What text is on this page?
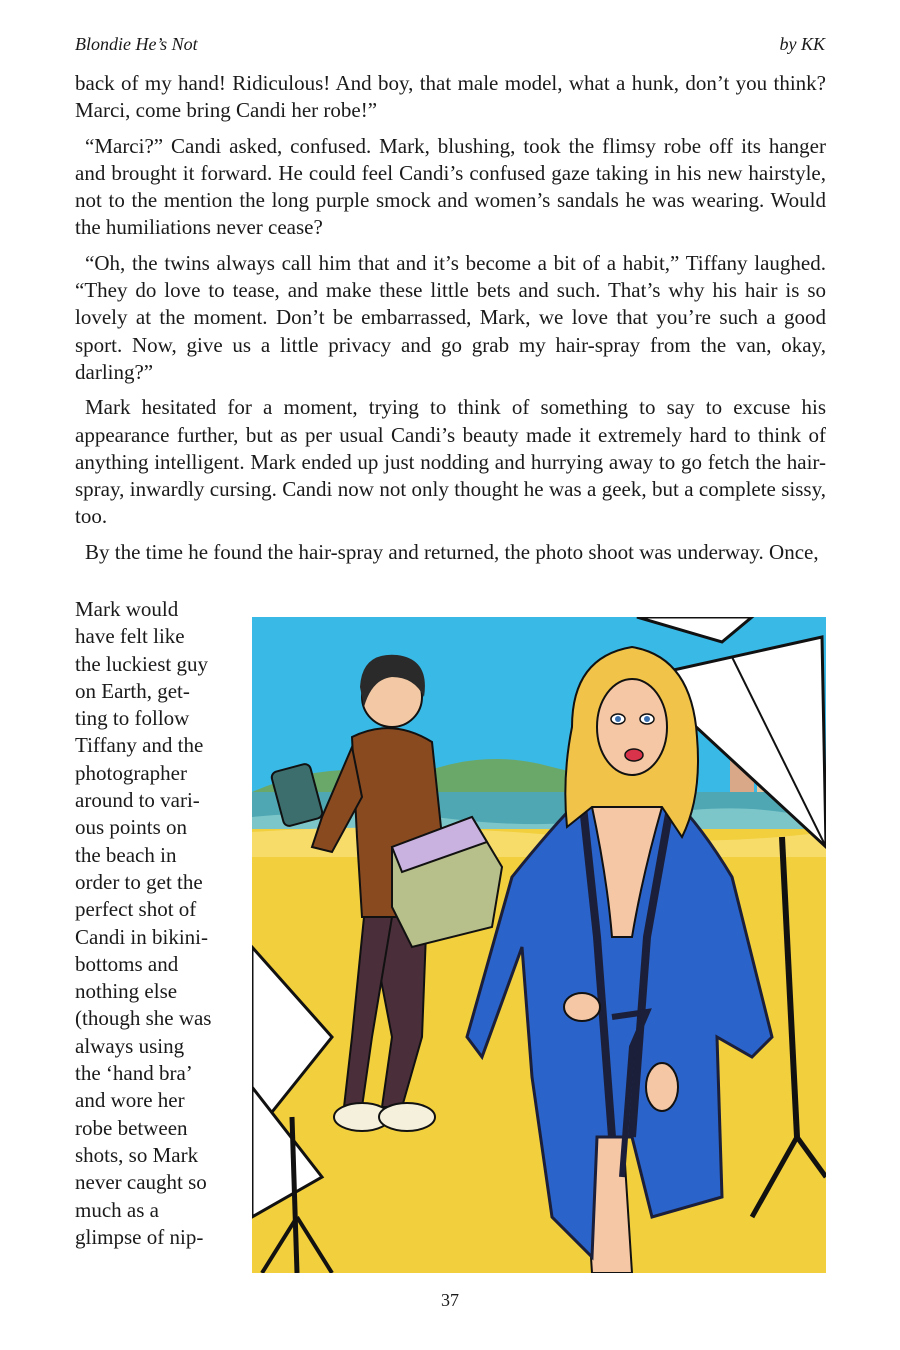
Blondie He’s Not	by KK

back of my hand! Ridiculous! And boy, that male model, what a hunk, don’t you think? Marci, come bring Candi her robe!”

“Marci?” Candi asked, confused. Mark, blushing, took the flimsy robe off its hanger and brought it forward. He could feel Candi’s confused gaze taking in his new hairstyle, not to the mention the long purple smock and women’s sandals he was wearing. Would the humiliations never cease?

“Oh, the twins always call him that and it’s become a bit of a habit,” Tiffany laughed. “They do love to tease, and make these little bets and such. That’s why his hair is so lovely at the moment. Don’t be embarrassed, Mark, we love that you’re such a good sport. Now, give us a little privacy and go grab my hair-spray from the van, okay, darling?”

Mark hesitated for a moment, trying to think of something to say to excuse his appearance further, but as per usual Candi’s beauty made it extremely hard to think of anything intelligent. Mark ended up just nodding and hurrying away to go fetch the hair-spray, inwardly cursing. Candi now not only thought he was a geek, but a complete sissy, too.

By the time he found the hair-spray and returned, the photo shoot was underway. Once,

Mark would
have felt like
the luckiest guy
on Earth, get-
ting to follow
Tiffany and the
photographer
around to vari-
ous points on
the beach in
order to get the
perfect shot of
Candi in bikini-
bottoms and
nothing else
(though she was
always using
the ‘hand bra’
and wore her
robe between
shots, so Mark
never caught so
much as a
glimpse of nip-
37
